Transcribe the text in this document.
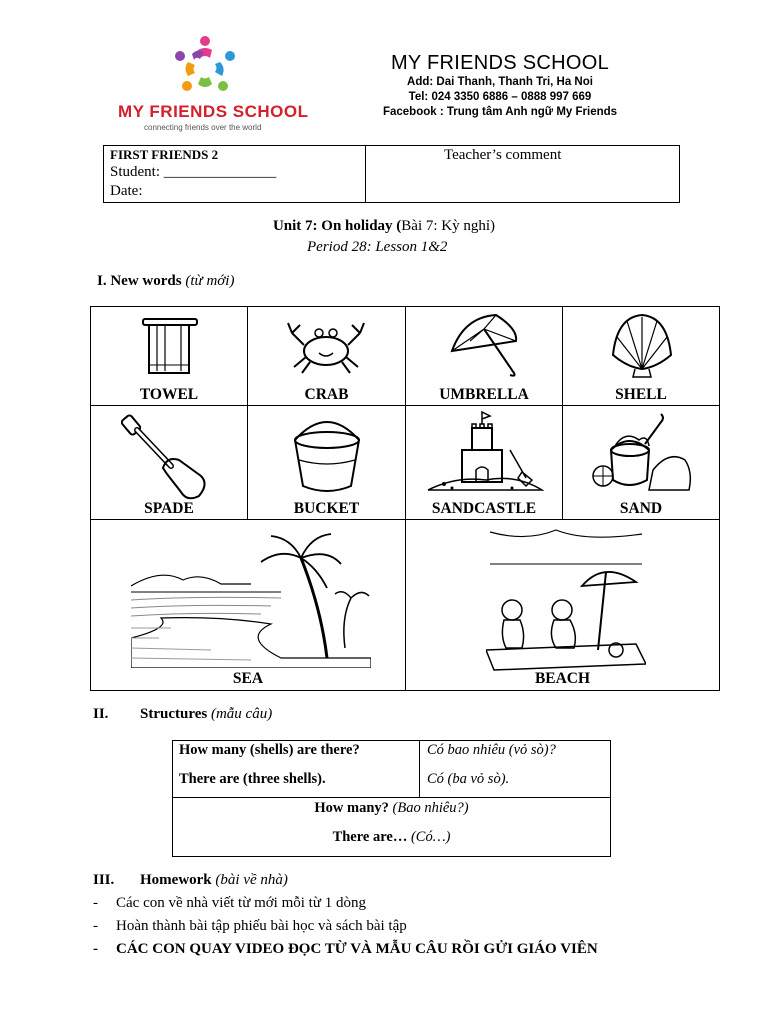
MY FRIENDS SCHOOL
connecting friends over the world
MY FRIENDS SCHOOL
Add: Dai Thanh, Thanh Tri, Ha Noi
Tel: 024 3350 6886 – 0888 997 669
Facebook : Trung tâm Anh ngữ My Friends
FIRST FRIENDS 2
Student: _______________
Date:
Teacher’s comment
Unit 7: On holiday (Bài 7: Kỳ nghỉ)
Period 28: Lesson 1&2
I. New words (từ mới)
TOWEL	CRAB	UMBRELLA	SHELL
SPADE	BUCKET	SANDCASTLE	SAND
SEA	BEACH
II. Structures (mẫu câu)
How many (shells) are there?	Có bao nhiêu (vỏ sò)?
There are (three shells).	Có (ba vỏ sò).
How many? (Bao nhiêu?)
There are… (Có…)
III. Homework (bài về nhà)
- Các con về nhà viết từ mới mỗi từ 1 dòng
- Hoàn thành bài tập phiếu bài học và sách bài tập
- CÁC CON QUAY VIDEO ĐỌC TỪ VÀ MẪU CÂU RỒI GỬI GIÁO VIÊN
